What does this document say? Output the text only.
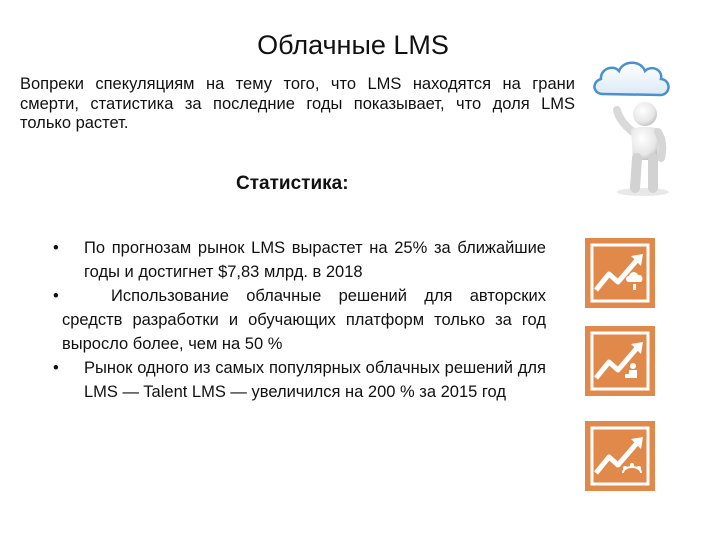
Облачные LMS
Вопреки спекуляциям на тему того, что LMS находятся на грани смерти, статистика за последние годы показывает, что доля LMS только растет.
Статистика:
• По прогнозам рынок LMS вырастет на 25% за ближайшие годы и достигнет $7,83 млрд. в 2018
•	Использование облачные решений для авторских средств разработки и обучающих платформ только за год выросло более, чем на 50 %
• Рынок одного из самых популярных облачных решений для LMS — Talent LMS — увеличился на 200 % за 2015 год
